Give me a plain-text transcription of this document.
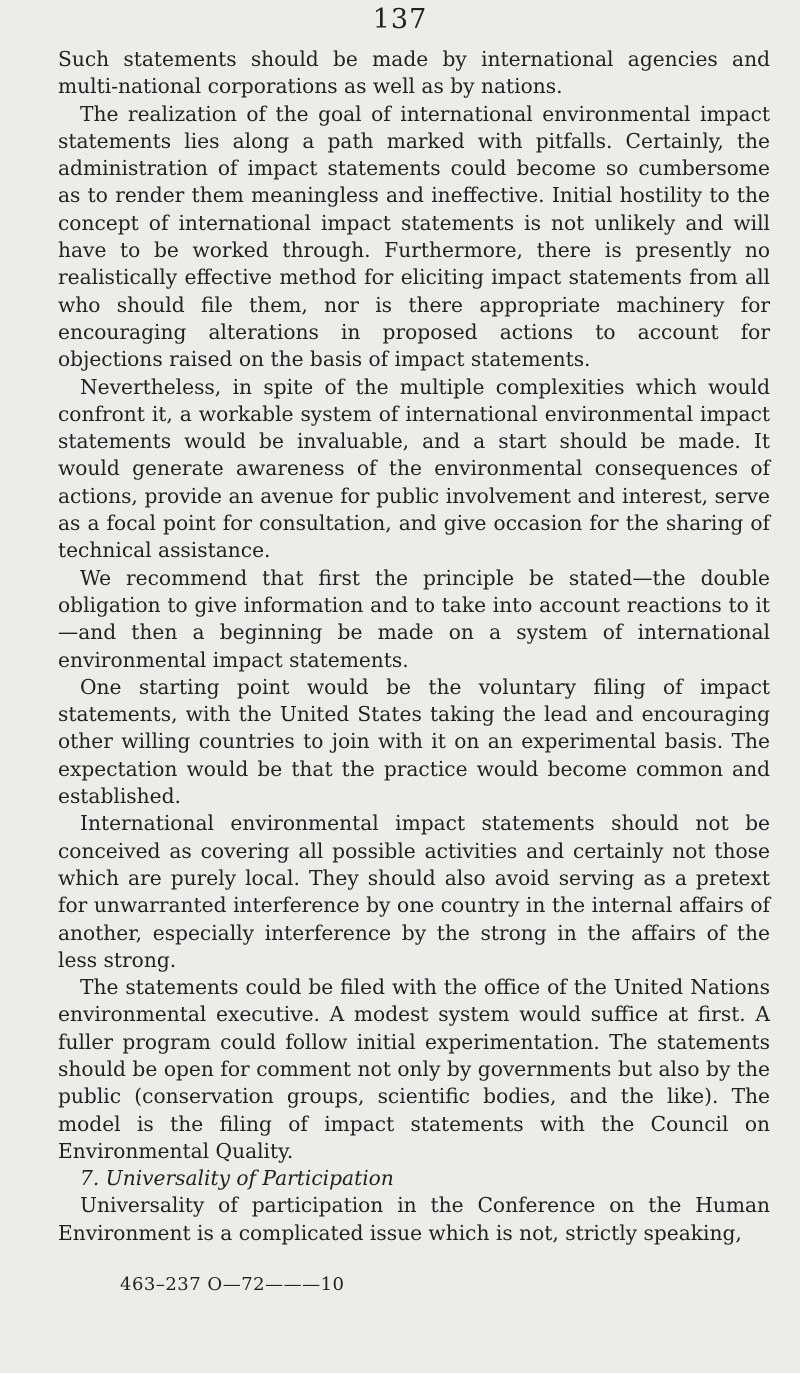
137

Such statements should be made by international agencies and multi-national corporations as well as by nations.

The realization of the goal of international environmental impact statements lies along a path marked with pitfalls. Certainly, the administration of impact statements could become so cumbersome as to render them meaningless and ineffective. Initial hostility to the concept of international impact statements is not unlikely and will have to be worked through. Furthermore, there is presently no realistically effective method for eliciting impact statements from all who should file them, nor is there appropriate machinery for encouraging alterations in proposed actions to account for objections raised on the basis of impact statements.

Nevertheless, in spite of the multiple complexities which would confront it, a workable system of international environmental impact statements would be invaluable, and a start should be made. It would generate awareness of the environmental consequences of actions, provide an avenue for public involvement and interest, serve as a focal point for consultation, and give occasion for the sharing of technical assistance.

We recommend that first the principle be stated—the double obligation to give information and to take into account reactions to it—and then a beginning be made on a system of international environmental impact statements.

One starting point would be the voluntary filing of impact statements, with the United States taking the lead and encouraging other willing countries to join with it on an experimental basis. The expectation would be that the practice would become common and established.

International environmental impact statements should not be conceived as covering all possible activities and certainly not those which are purely local. They should also avoid serving as a pretext for unwarranted interference by one country in the internal affairs of another, especially interference by the strong in the affairs of the less strong.

The statements could be filed with the office of the United Nations environmental executive. A modest system would suffice at first. A fuller program could follow initial experimentation. The statements should be open for comment not only by governments but also by the public (conservation groups, scientific bodies, and the like). The model is the filing of impact statements with the Council on Environmental Quality.

7. Universality of Participation

Universality of participation in the Conference on the Human Environment is a complicated issue which is not, strictly speaking,

463–237 O—72———10
